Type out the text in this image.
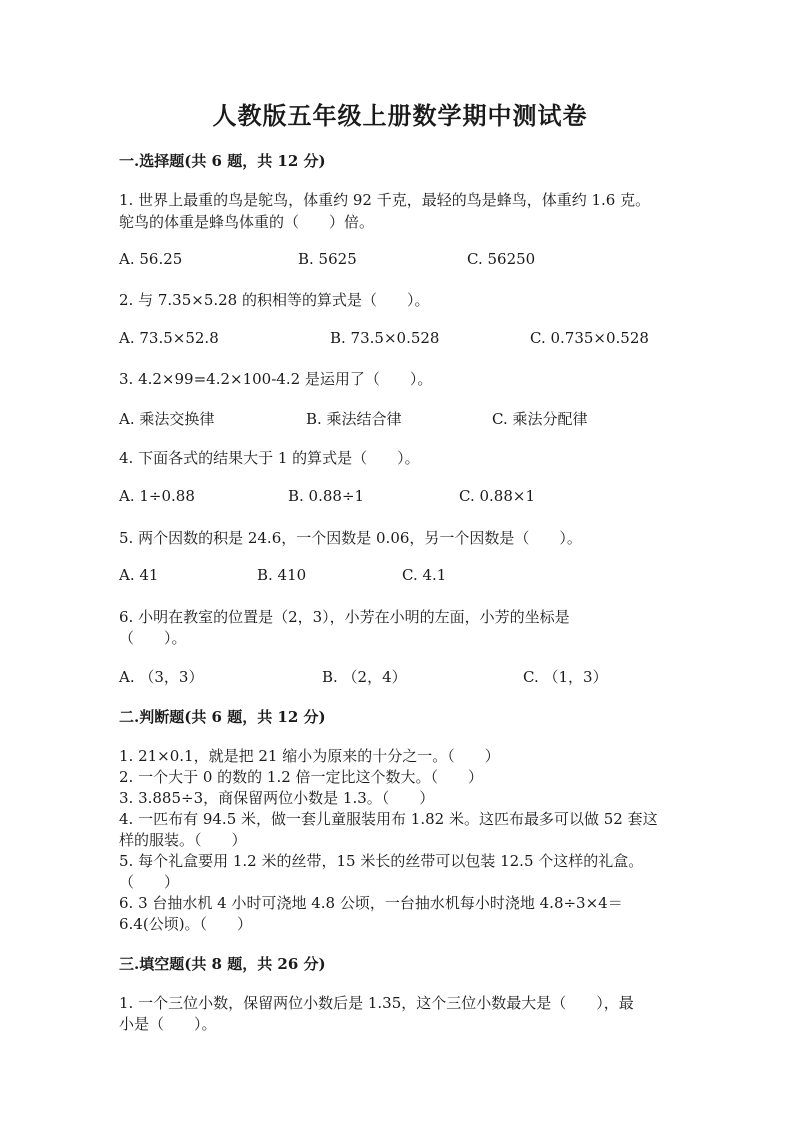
人教版五年级上册数学期中测试卷
一.选择题(共 6 题，共 12 分)
1. 世界上最重的鸟是鸵鸟，体重约 92 千克，最轻的鸟是蜂鸟，体重约 1.6 克。
鸵鸟的体重是蜂鸟体重的（　　）倍。
A. 56.25	B. 5625	C. 56250
2. 与 7.35×5.28 的积相等的算式是（　　）。
A. 73.5×52.8	B. 73.5×0.528	C. 0.735×0.528
3. 4.2×99=4.2×100-4.2 是运用了（　　）。
A. 乘法交换律	B. 乘法结合律	C. 乘法分配律
4. 下面各式的结果大于 1 的算式是（　　）。
A. 1÷0.88	B. 0.88÷1	C. 0.88×1
5. 两个因数的积是 24.6，一个因数是 0.06，另一个因数是（　　）。
A. 41	B. 410	C. 4.1
6. 小明在教室的位置是（2，3），小芳在小明的左面，小芳的坐标是
（　　）。
A. （3，3）	B. （2，4）	C. （1，3）
二.判断题(共 6 题，共 12 分)
1. 21×0.1，就是把 21 缩小为原来的十分之一。（　　）
2. 一个大于 0 的数的 1.2 倍一定比这个数大。（　　）
3. 3.885÷3，商保留两位小数是 1.3。（　　）
4. 一匹布有 94.5 米，做一套儿童服装用布 1.82 米。这匹布最多可以做 52 套这
样的服装。（　　）
5. 每个礼盒要用 1.2 米的丝带，15 米长的丝带可以包装 12.5 个这样的礼盒。
（　　）
6. 3 台抽水机 4 小时可浇地 4.8 公顷，一台抽水机每小时浇地 4.8÷3×4＝
6.4(公顷)。（　　）
三.填空题(共 8 题，共 26 分)
1. 一个三位小数，保留两位小数后是 1.35，这个三位小数最大是（　　），最
小是（　　）。
